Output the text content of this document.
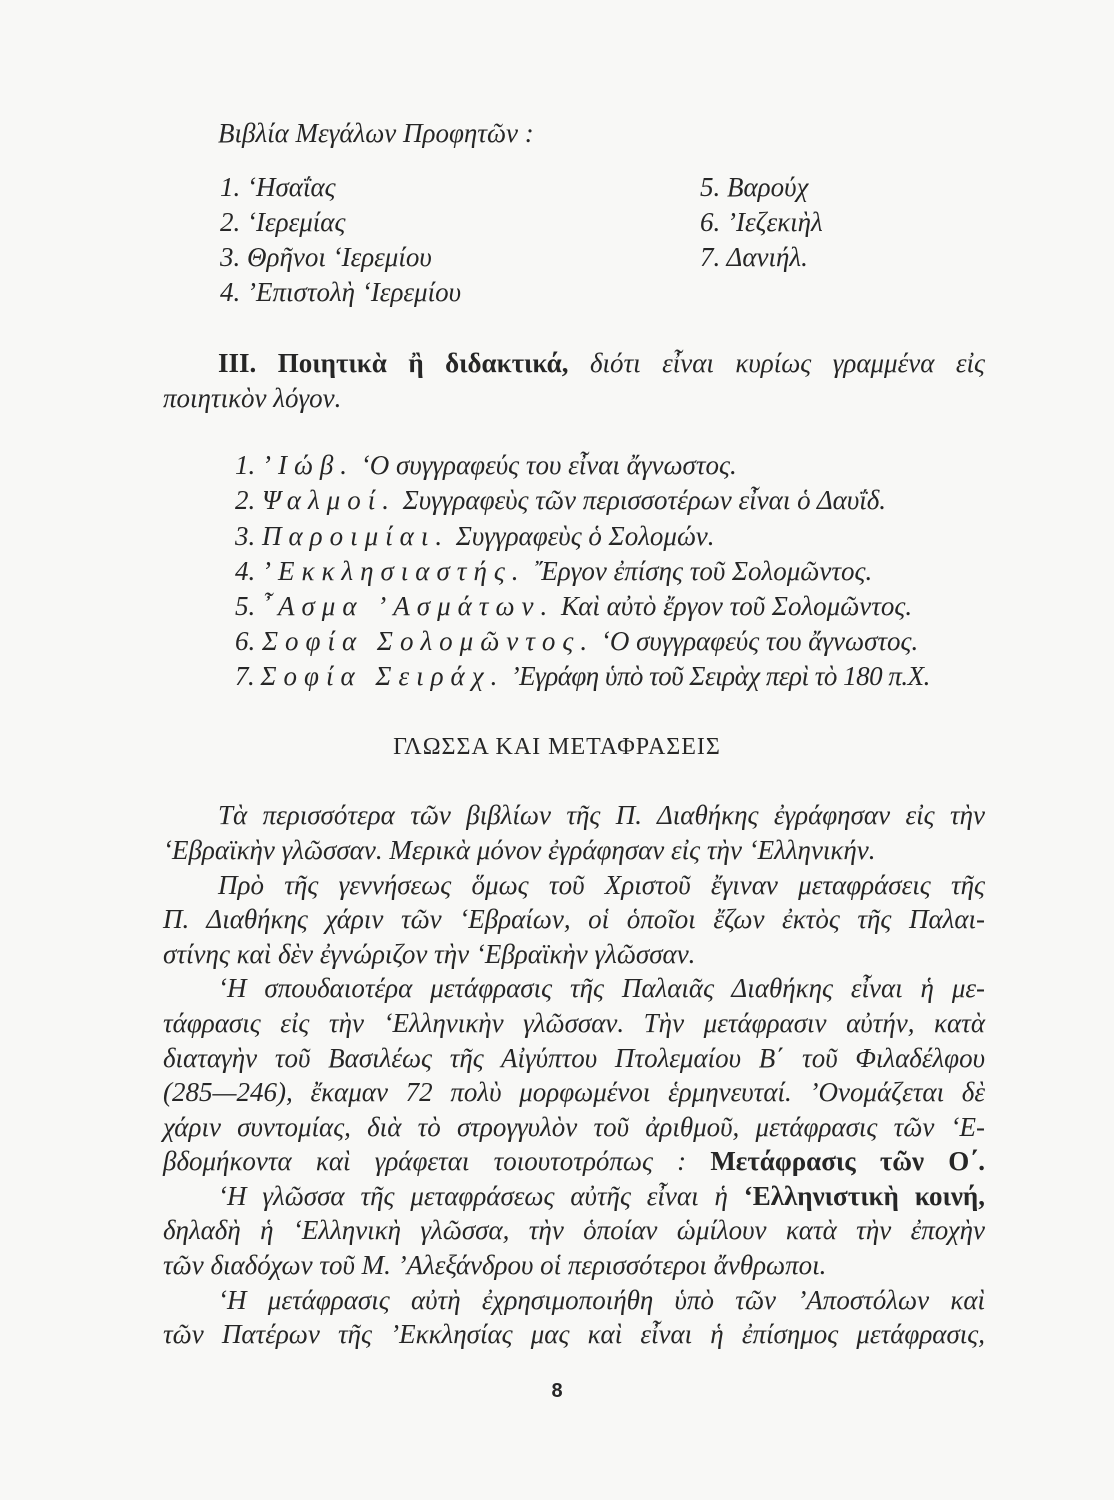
Βιβλία Μεγάλων Προφητῶν :
1. ‘Ησαΐας
2. ‘Ιερεμίας
3. Θρῆνοι ‘Ιερεμίου
4. ’Επιστολὴ ‘Ιερεμίου
5. Βαρούχ
6. ’Ιεζεκιὴλ
7. Δανιήλ.
III. Ποιητικὰ ἢ διδακτικά, διότι εἶναι κυρίως γραμμένα εἰς
ποιητικὸν λόγον.
1. ’Ιώβ. ‘Ο συγγραφεύς του εἶναι ἄγνωστος.
2. Ψαλμοί. Συγγραφεὺς τῶν περισσοτέρων εἶναι ὁ Δαυΐδ.
3. Παροιμίαι. Συγγραφεὺς ὁ Σολομών.
4. ’Εκκλησιαστής. ῎Εργον ἐπίσης τοῦ Σολομῶντος.
5. ῏Ασμα ’Ασμάτων. Καὶ αὐτὸ ἔργον τοῦ Σολομῶντος.
6. Σοφία Σολομῶντος. ‘Ο συγγραφεύς του ἄγνωστος.
7. Σοφία Σειράχ. ’Εγράφη ὑπὸ τοῦ Σειρὰχ περὶ τὸ 180 π.Χ.
ΓΛΩΣΣΑ ΚΑΙ ΜΕΤΑΦΡΑΣΕΙΣ
Τὰ περισσότερα τῶν βιβλίων τῆς Π. Διαθήκης ἐγράφησαν εἰς τὴν
‘Εβραϊκὴν γλῶσσαν. Μερικὰ μόνον ἐγράφησαν εἰς τὴν ‘Ελληνικήν.
Πρὸ τῆς γεννήσεως ὅμως τοῦ Χριστοῦ ἔγιναν μεταφράσεις τῆς
Π. Διαθήκης χάριν τῶν ‘Εβραίων, οἱ ὁποῖοι ἔζων ἐκτὸς τῆς Παλαι-
στίνης καὶ δὲν ἐγνώριζον τὴν ‘Εβραϊκὴν γλῶσσαν.
‘Η σπουδαιοτέρα μετάφρασις τῆς Παλαιᾶς Διαθήκης εἶναι ἡ με-
τάφρασις εἰς τὴν ‘Ελληνικὴν γλῶσσαν. Τὴν μετάφρασιν αὐτήν, κατὰ
διαταγὴν τοῦ Βασιλέως τῆς Αἰγύπτου Πτολεμαίου Β΄ τοῦ Φιλαδέλφου
(285—246), ἔκαμαν 72 πολὺ μορφωμένοι ἑρμηνευταί. ’Ονομάζεται δὲ
χάριν συντομίας, διὰ τὸ στρογγυλὸν τοῦ ἀριθμοῦ, μετάφρασις τῶν ‘Ε-
βδομήκοντα καὶ γράφεται τοιουτοτρόπως : Μετάφρασις τῶν Ο΄.
‘Η γλῶσσα τῆς μεταφράσεως αὐτῆς εἶναι ἡ ‘Ελληνιστικὴ κοινή,
δηλαδὴ ἡ ‘Ελληνικὴ γλῶσσα, τὴν ὁποίαν ὡμίλουν κατὰ τὴν ἐποχὴν
τῶν διαδόχων τοῦ Μ. ’Αλεξάνδρου οἱ περισσότεροι ἄνθρωποι.
‘Η μετάφρασις αὐτὴ ἐχρησιμοποιήθη ὑπὸ τῶν ’Αποστόλων καὶ
τῶν Πατέρων τῆς ’Εκκλησίας μας καὶ εἶναι ἡ ἐπίσημος μετάφρασις,
8
